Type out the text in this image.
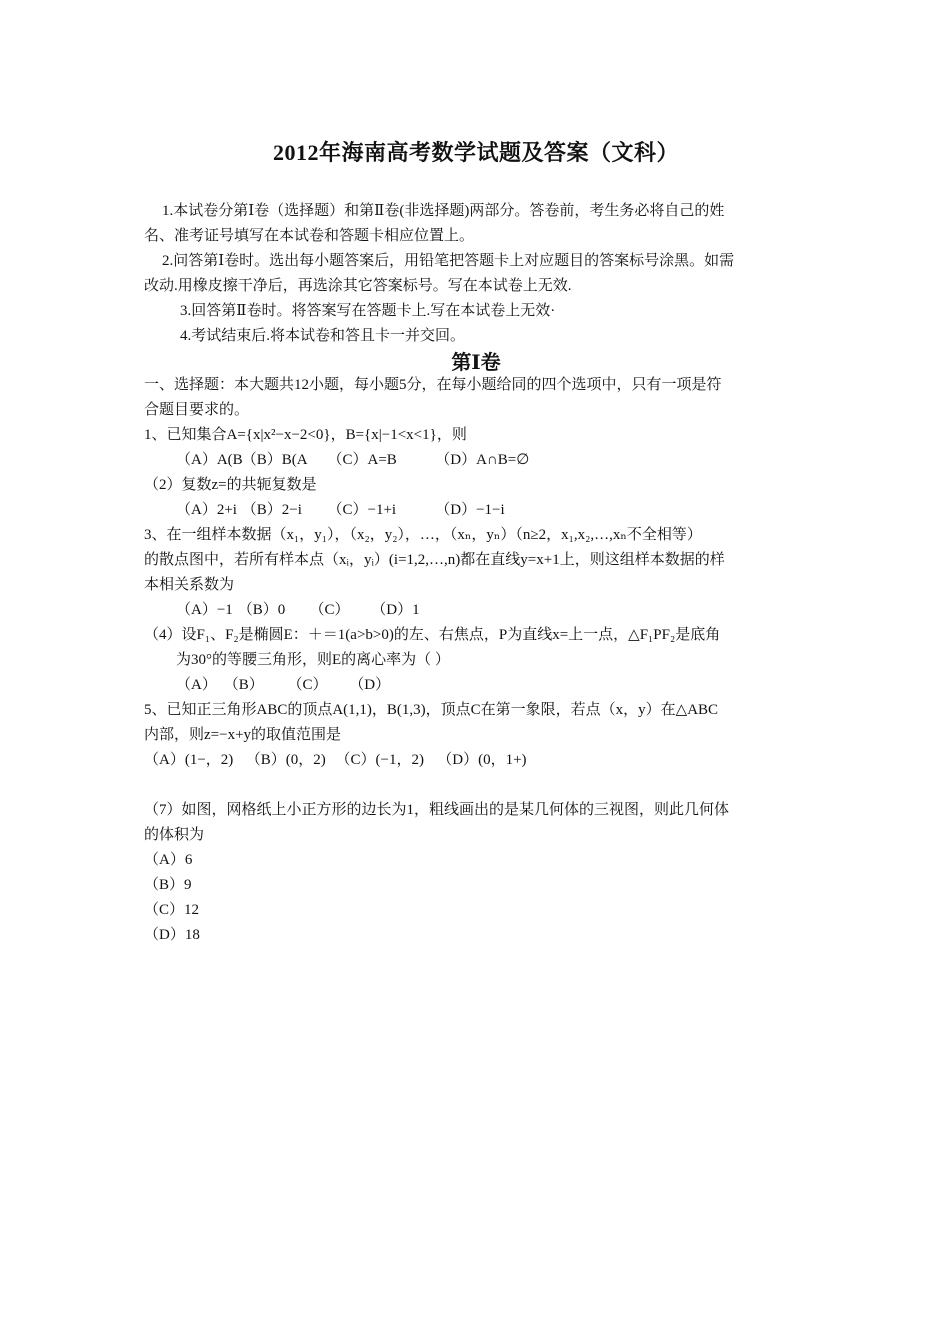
2012年海南高考数学试题及答案（文科）
1.本试卷分第Ⅰ卷（选择题）和第Ⅱ卷(非选择题)两部分。答卷前，考生务必将自己的姓
名、准考证号填写在本试卷和答题卡相应位置上。
2.问答第Ⅰ卷时。选出每小题答案后，用铅笔把答题卡上对应题目的答案标号涂黑。如需
改动.用橡皮擦干净后，再选涂其它答案标号。写在本试卷上无效.
3.回答第Ⅱ卷时。将答案写在答题卡上.写在本试卷上无效·
4.考试结束后.将本试卷和答且卡一并交回。
第Ⅰ卷
一、选择题：本大题共12小题，每小题5分，在每小题给同的四个选项中，只有一项是符
合题目要求的。
1、已知集合A={x|x²−x−2<0}，B={x|−1<x<1}，则
（A）A(B （B）B(A （C）A=B	（D）A∩B=∅
（2）复数z=的共轭复数是
（A）2+i （B）2−i （C）−1+i	（D）−1−i
3、在一组样本数据（x₁，y₁），（x₂，y₂），…，（xₙ，yₙ）（n≥2，x₁,x₂,…,xₙ不全相等）
的散点图中，若所有样本点（xᵢ，yᵢ）(i=1,2,…,n)都在直线y=x+1上，则这组样本数据的样
本相关系数为
（A）−1 （B）0 （C） （D）1
（4）设F₁、F₂是椭圆E：＋＝1(a>b>0)的左、右焦点，P为直线x=上一点，△F₁PF₂是底角
为30°的等腰三角形，则E的离心率为（ ）
（A） （B） （C） （D）
5、已知正三角形ABC的顶点A(1,1)，B(1,3)，顶点C在第一象限，若点（x，y）在△ABC
内部，则z=−x+y的取值范围是
（A）(1−，2) （B）(0，2) （C）(−1，2) （D）(0，1+)
（7）如图，网格纸上小正方形的边长为1，粗线画出的是某几何体的三视图，则此几何体
的体积为
（A）6
（B）9
（C）12
（D）18
